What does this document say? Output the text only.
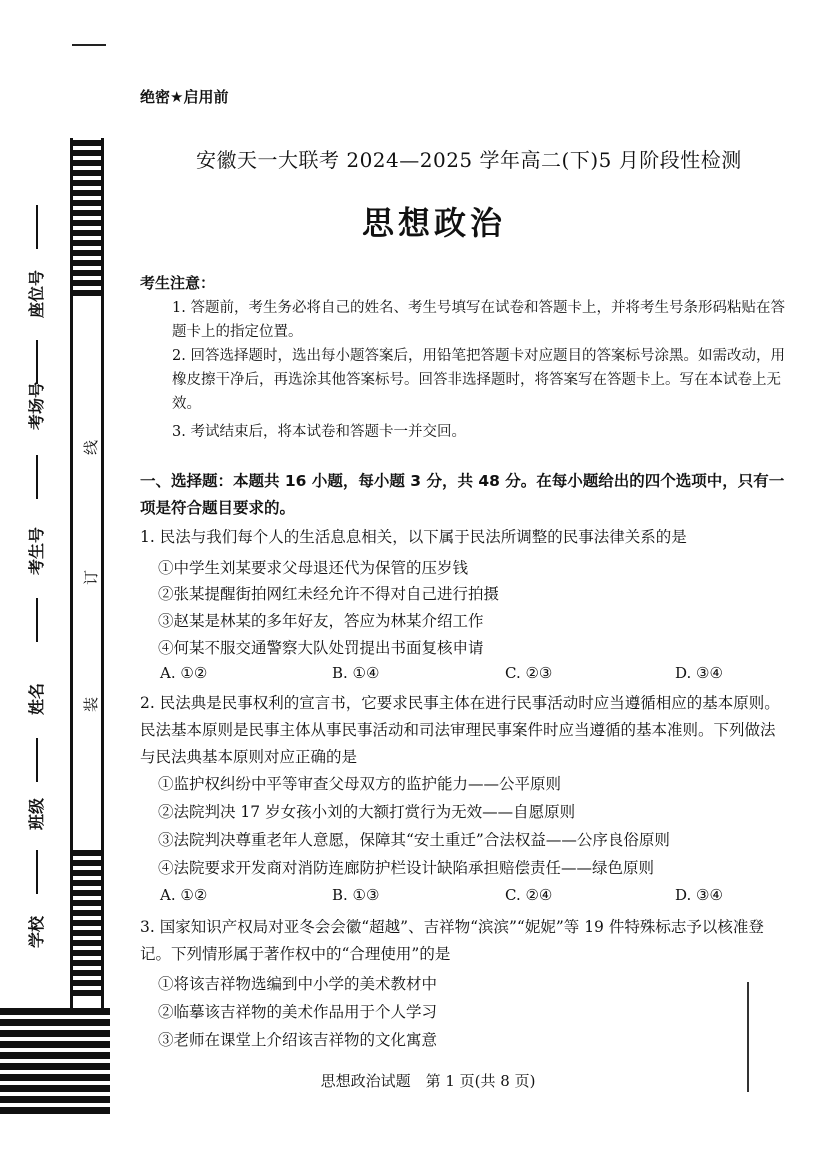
座位号
考场号
考生号
姓名
班级
学校
线
订
装
绝密★启用前
安徽天一大联考 2024—2025 学年高二(下)5 月阶段性检测
思想政治
考生注意：
1. 答题前，考生务必将自己的姓名、考生号填写在试卷和答题卡上，并将考生号条形码粘贴在答题卡上的指定位置。
2. 回答选择题时，选出每小题答案后，用铅笔把答题卡对应题目的答案标号涂黑。如需改动，用橡皮擦干净后，再选涂其他答案标号。回答非选择题时，将答案写在答题卡上。写在本试卷上无效。
3. 考试结束后，将本试卷和答题卡一并交回。
一、选择题：本题共 16 小题，每小题 3 分，共 48 分。在每小题给出的四个选项中，只有一项是符合题目要求的。
1. 民法与我们每个人的生活息息相关，以下属于民法所调整的民事法律关系的是
①中学生刘某要求父母退还代为保管的压岁钱
②张某提醒街拍网红未经允许不得对自己进行拍摄
③赵某是林某的多年好友，答应为林某介绍工作
④何某不服交通警察大队处罚提出书面复核申请
A. ①②	B. ①④	C. ②③	D. ③④
2. 民法典是民事权利的宣言书，它要求民事主体在进行民事活动时应当遵循相应的基本原则。民法基本原则是民事主体从事民事活动和司法审理民事案件时应当遵循的基本准则。下列做法与民法典基本原则对应正确的是
①监护权纠纷中平等审查父母双方的监护能力——公平原则
②法院判决 17 岁女孩小刘的大额打赏行为无效——自愿原则
③法院判决尊重老年人意愿，保障其“安土重迁”合法权益——公序良俗原则
④法院要求开发商对消防连廊防护栏设计缺陷承担赔偿责任——绿色原则
A. ①②	B. ①③	C. ②④	D. ③④
3. 国家知识产权局对亚冬会会徽“超越”、吉祥物“滨滨”“妮妮”等 19 件特殊标志予以核准登记。下列情形属于著作权中的“合理使用”的是
①将该吉祥物选编到中小学的美术教材中
②临摹该吉祥物的美术作品用于个人学习
③老师在课堂上介绍该吉祥物的文化寓意
思想政治试题　第 1 页(共 8 页)
